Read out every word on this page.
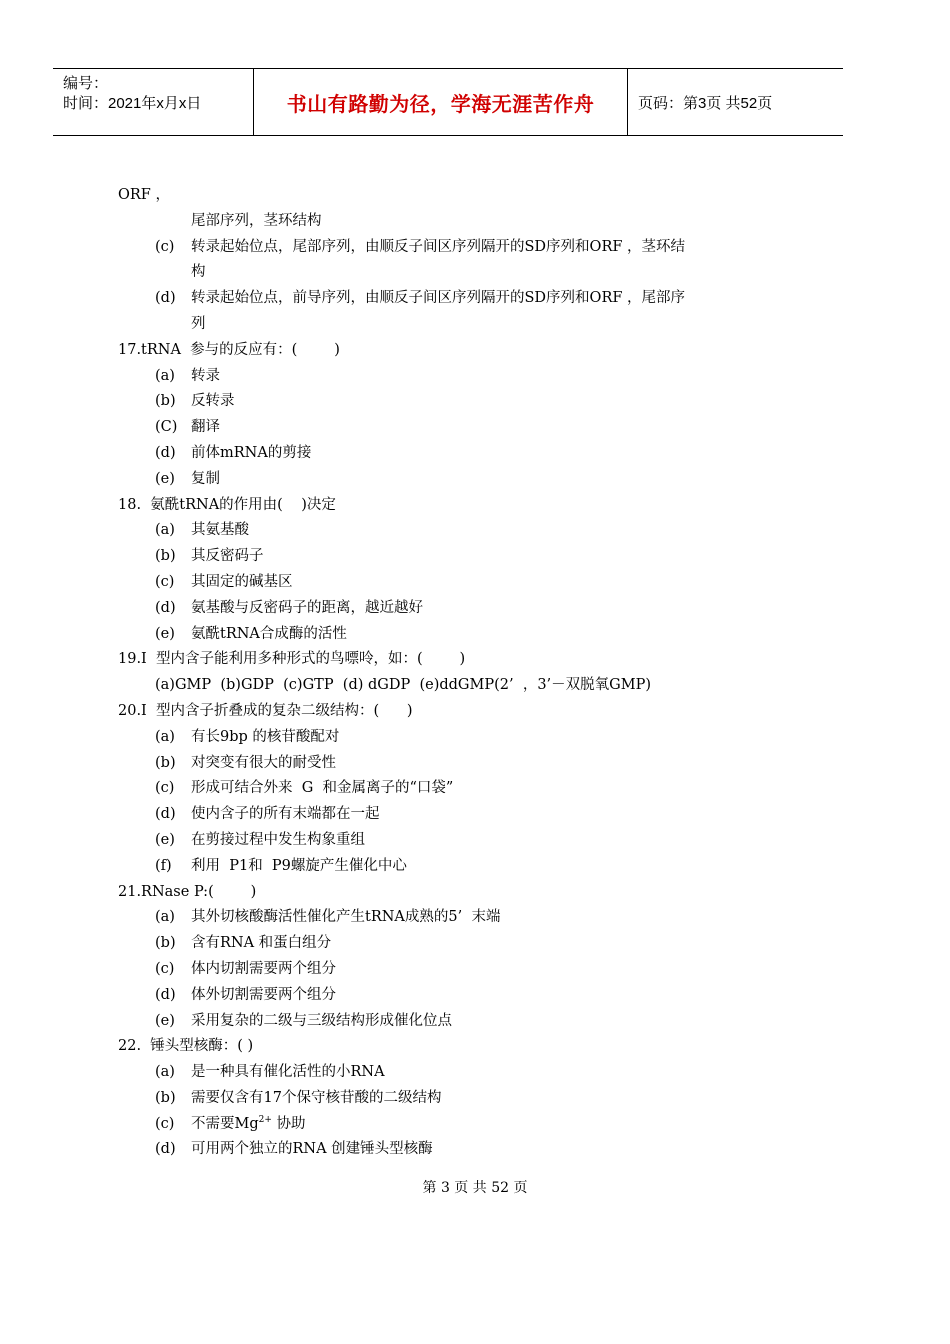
编号：
时间：2021年x月x日	书山有路勤为径，学海无涯苦作舟	页码：第3页 共52页
ORF ，
尾部序列，茎环结构
(c) 转录起始位点，尾部序列，由顺反子间区序列隔开的SD序列和ORF ，茎环结
构
(d) 转录起始位点，前导序列，由顺反子间区序列隔开的SD序列和ORF ，尾部序
列
17.tRNA  参与的反应有：(        )
(a) 转录
(b) 反转录
(C) 翻译
(d) 前体mRNA的剪接
(e) 复制
18.  氨酰tRNA的作用由(    )决定
(a) 其氨基酸
(b) 其反密码子
(c) 其固定的碱基区
(d) 氨基酸与反密码子的距离，越近越好
(e) 氨酰tRNA合成酶的活性
19.Ⅰ  型内含子能利用多种形式的鸟嘌呤，如：(        )
(a)GMP  (b)GDP  (c)GTP  (d) dGDP  (e)ddGMP(2’  ，3’－双脱氧GMP)
20.Ⅰ  型内含子折叠成的复杂二级结构：(      )
(a) 有长9bp 的核苷酸配对
(b) 对突变有很大的耐受性
(c) 形成可结合外来  G  和金属离子的“口袋”
(d) 使内含子的所有末端都在一起
(e) 在剪接过程中发生构象重组
(f) 利用  P1和  P9螺旋产生催化中心
21.RNase P:(        )
(a) 其外切核酸酶活性催化产生tRNA成熟的5’  末端
(b) 含有RNA 和蛋白组分
(c) 体内切割需要两个组分
(d) 体外切割需要两个组分
(e) 采用复杂的二级与三级结构形成催化位点
22.  锤头型核酶：( )
(a) 是一种具有催化活性的小RNA
(b) 需要仅含有17个保守核苷酸的二级结构
(c) 不需要$Mg^{2+}$ 协助
(d) 可用两个独立的RNA 创建锤头型核酶
第 3 页 共 52 页
